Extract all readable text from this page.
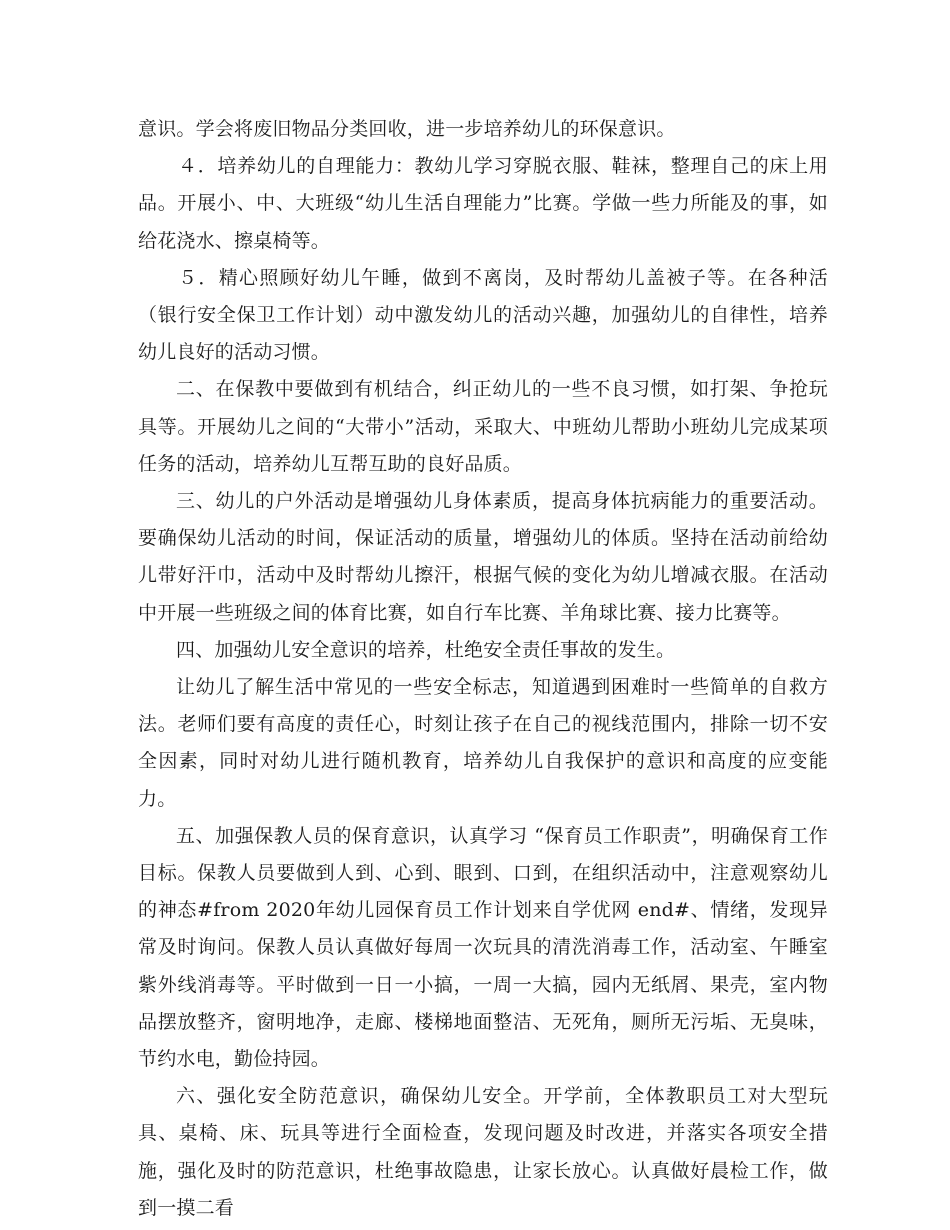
意识。学会将废旧物品分类回收，进一步培养幼儿的环保意识。

４．培养幼儿的自理能力：教幼儿学习穿脱衣服、鞋袜，整理自己的床上用品。开展小、中、大班级“幼儿生活自理能力”比赛。学做一些力所能及的事，如给花浇水、擦桌椅等。

５．精心照顾好幼儿午睡，做到不离岗，及时帮幼儿盖被子等。在各种活（银行安全保卫工作计划）动中激发幼儿的活动兴趣，加强幼儿的自律性，培养幼儿良好的活动习惯。

二、在保教中要做到有机结合，纠正幼儿的一些不良习惯，如打架、争抢玩具等。开展幼儿之间的“大带小”活动，采取大、中班幼儿帮助小班幼儿完成某项任务的活动，培养幼儿互帮互助的良好品质。

三、幼儿的户外活动是增强幼儿身体素质，提高身体抗病能力的重要活动。要确保幼儿活动的时间，保证活动的质量，增强幼儿的体质。坚持在活动前给幼儿带好汗巾，活动中及时帮幼儿擦汗，根据气候的变化为幼儿增减衣服。在活动中开展一些班级之间的体育比赛，如自行车比赛、羊角球比赛、接力比赛等。

四、加强幼儿安全意识的培养，杜绝安全责任事故的发生。

让幼儿了解生活中常见的一些安全标志，知道遇到困难时一些简单的自救方法。老师们要有高度的责任心，时刻让孩子在自己的视线范围内，排除一切不安全因素，同时对幼儿进行随机教育，培养幼儿自我保护的意识和高度的应变能力。

五、加强保教人员的保育意识，认真学习 “保育员工作职责”，明确保育工作目标。保教人员要做到人到、心到、眼到、口到，在组织活动中，注意观察幼儿的神态#from 2020年幼儿园保育员工作计划来自学优网 end#、情绪，发现异常及时询问。保教人员认真做好每周一次玩具的清洗消毒工作，活动室、午睡室紫外线消毒等。平时做到一日一小搞，一周一大搞，园内无纸屑、果壳，室内物品摆放整齐，窗明地净，走廊、楼梯地面整洁、无死角，厕所无污垢、无臭味，节约水电，勤俭持园。

六、强化安全防范意识，确保幼儿安全。开学前，全体教职员工对大型玩具、桌椅、床、玩具等进行全面检查，发现问题及时改进，并落实各项安全措施，强化及时的防范意识，杜绝事故隐患，让家长放心。认真做好晨检工作，做到一摸二看
